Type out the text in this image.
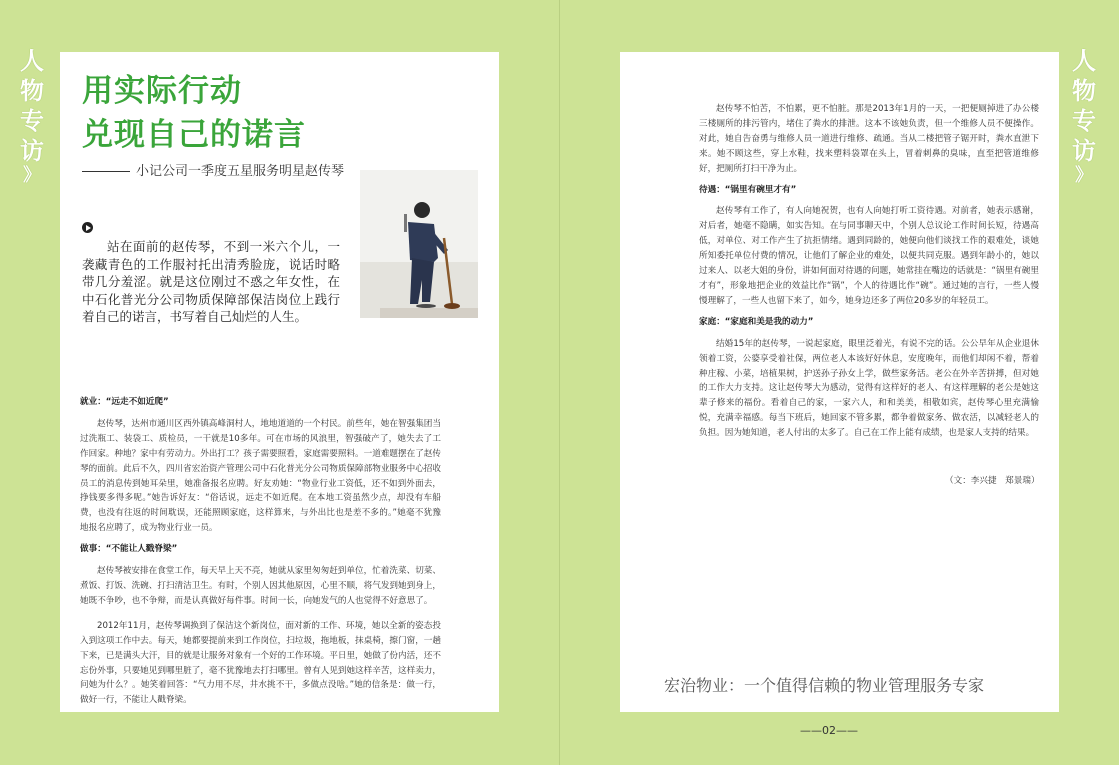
人
物
专
访
》
人
物
专
访
》
用实际行动
兑现自己的诺言
小记公司一季度五星服务明星赵传琴
站在面前的赵传琴，不到一米六个儿，一袭藏青色的工作服衬托出清秀脸庞，说话时略带几分羞涩。就是这位刚过不惑之年女性，在中石化普光分公司物质保障部保洁岗位上践行着自己的诺言，书写着自己灿烂的人生。

就业：“远走不如近爬”

赵传琴，达州市通川区西外镇高峰洞村人，地地道道的一个村民。前些年，她在智强集团当过洗瓶工、装袋工、质检员，一干就是10多年。可在市场的风浪里，智强破产了，她失去了工作回家。种地？家中有劳动力。外出打工？孩子需要照看，家庭需要照料。一道难题摆在了赵传琴的面前。此后不久，四川省宏治资产管理公司中石化普光分公司物质保障部物业服务中心招收员工的消息传到她耳朵里，她准备报名应聘。好友劝她：“物业行业工资低，还不如到外面去，挣钱要多得多呢。”她告诉好友：“俗话说，远走不如近爬。在本地工资虽然少点，却没有车船费，也没有往返的时间耽误，还能照顾家庭，这样算来，与外出比也是差不多的。”她毫不犹豫地报名应聘了，成为物业行业一员。

做事：“不能让人戳脊梁”

赵传琴被安排在食堂工作，每天早上天不亮，她就从家里匆匆赶到单位，忙着洗菜、切菜、煮饭、打饭、洗碗、打扫清洁卫生。有时，个别人因其他原因，心里不顺，将气发到她到身上，她既不争吵，也不争辩，而是认真做好每件事。时间一长，向她发气的人也觉得不好意思了。

2012年11月，赵传琴调换到了保洁这个新岗位，面对新的工作、环境，她以全新的姿态投入到这项工作中去。每天，她都要提前来到工作岗位，扫垃圾，拖地板，抹桌椅，擦门窗，一趟下来，已是满头大汗，目的就是让服务对象有一个好的工作环境。平日里，她做了份内活，还不忘份外事，只要她见到哪里脏了，毫不犹豫地去打扫哪里。曾有人见到她这样辛苦，这样卖力，问她为什么？。她笑着回答：“气力用不尽，井水挑不干，多做点没啥。”她的信条是：做一行，做好一行，不能让人戳脊梁。

赵传琴不怕苦，不怕累，更不怕脏。那是2013年1月的一天，一把便厕掉进了办公楼三楼厕所的排污管内，堵住了粪水的排泄。这本不该她负责，但一个维修人员不便操作。对此，她自告奋勇与维修人员一道进行维修、疏通。当从二楼把管子锯开时，粪水直泄下来。她不顾这些，穿上水鞋，找来塑料袋罩在头上，冒着刺鼻的臭味，直至把管道维修好，把厕所打扫干净为止。

待遇：“锅里有碗里才有”

赵传琴有工作了，有人向她祝贺，也有人向她打听工资待遇。对前者，她表示感谢，对后者，她毫不隐瞒，如实告知。在与同事聊天中，个别人总议论工作时间长短，待遇高低，对单位、对工作产生了抗拒情绪。遇到同龄的，她便向他们谈找工作的艰难处，谈她所知委托单位付费的情况，让他们了解企业的难处，以便共同克服。遇到年龄小的，她以过来人、以老大姐的身份，讲如何面对待遇的问题，她常挂在嘴边的话就是：“锅里有碗里才有”，形象地把企业的效益比作“锅”，个人的待遇比作“碗”。通过她的言行，一些人慢慢理解了，一些人也留下来了，如今，她身边还多了两位20多岁的年轻员工。

家庭：“家庭和美是我的动力”

结婚15年的赵传琴，一说起家庭，眼里泛着光，有说不完的话。公公早年从企业退休领着工资，公婆享受着社保，两位老人本该好好休息，安度晚年，而他们却闲不着，帮着种庄稼、小菜，培植果树，护送孙子孙女上学，做些家务活。老公在外辛苦拼搏，但对她的工作大力支持。这让赵传琴大为感动，觉得有这样好的老人、有这样理解的老公是她这辈子修来的福份。看着自己的家，一家六人，和和美美，相敬如宾，赵传琴心里充满愉悦，充满幸福感。每当下班后，她回家不管多累，都争着做家务、做农活，以减轻老人的负担。因为她知道，老人付出的太多了。自己在工作上能有成绩，也是家人支持的结果。

（文：李兴捷　郑景瑞）
宏治物业：一个值得信赖的物业管理服务专家
——02——
